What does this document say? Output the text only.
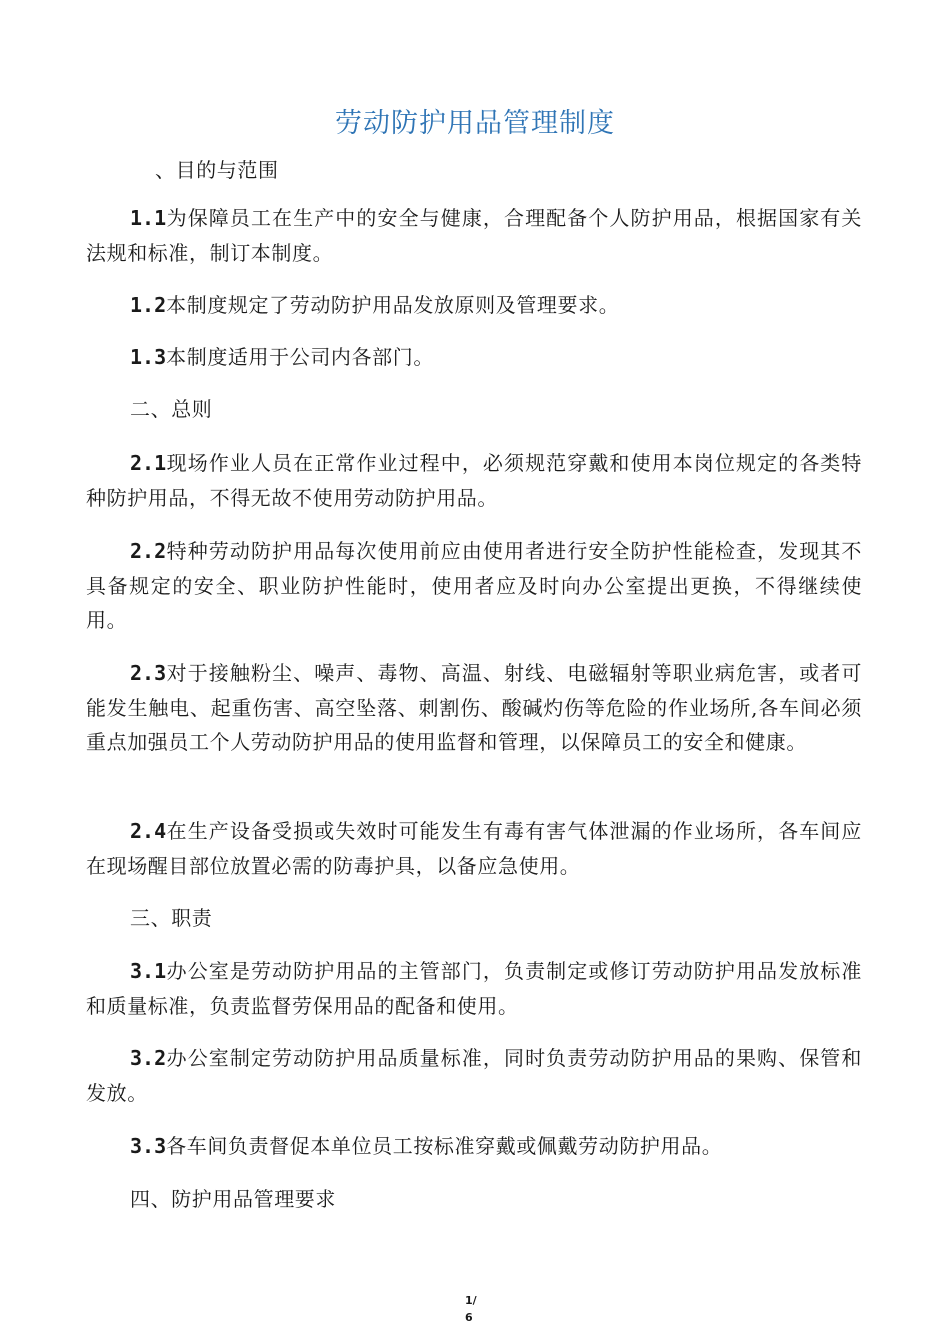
劳动防护用品管理制度
、目的与范围
1.1为保障员工在生产中的安全与健康，合理配备个人防护用品，根据国家有关法规和标准，制订本制度。
1.2本制度规定了劳动防护用品发放原则及管理要求。
1.3本制度适用于公司内各部门。
二、总则
2.1现场作业人员在正常作业过程中，必须规范穿戴和使用本岗位规定的各类特种防护用品，不得无故不使用劳动防护用品。
2.2特种劳动防护用品每次使用前应由使用者进行安全防护性能检查，发现其不具备规定的安全、职业防护性能时，使用者应及时向办公室提出更换，不得继续使用。
2.3对于接触粉尘、噪声、毒物、高温、射线、电磁辐射等职业病危害，或者可能发生触电、起重伤害、高空坠落、刺割伤、酸碱灼伤等危险的作业场所,各车间必须重点加强员工个人劳动防护用品的使用监督和管理，以保障员工的安全和健康。
2.4在生产设备受损或失效时可能发生有毒有害气体泄漏的作业场所，各车间应在现场醒目部位放置必需的防毒护具，以备应急使用。
三、职责
3.1办公室是劳动防护用品的主管部门，负责制定或修订劳动防护用品发放标准和质量标准，负责监督劳保用品的配备和使用。
3.2办公室制定劳动防护用品质量标准，同时负责劳动防护用品的果购、保管和发放。
3.3各车间负责督促本单位员工按标准穿戴或佩戴劳动防护用品。
四、防护用品管理要求
1/
6
